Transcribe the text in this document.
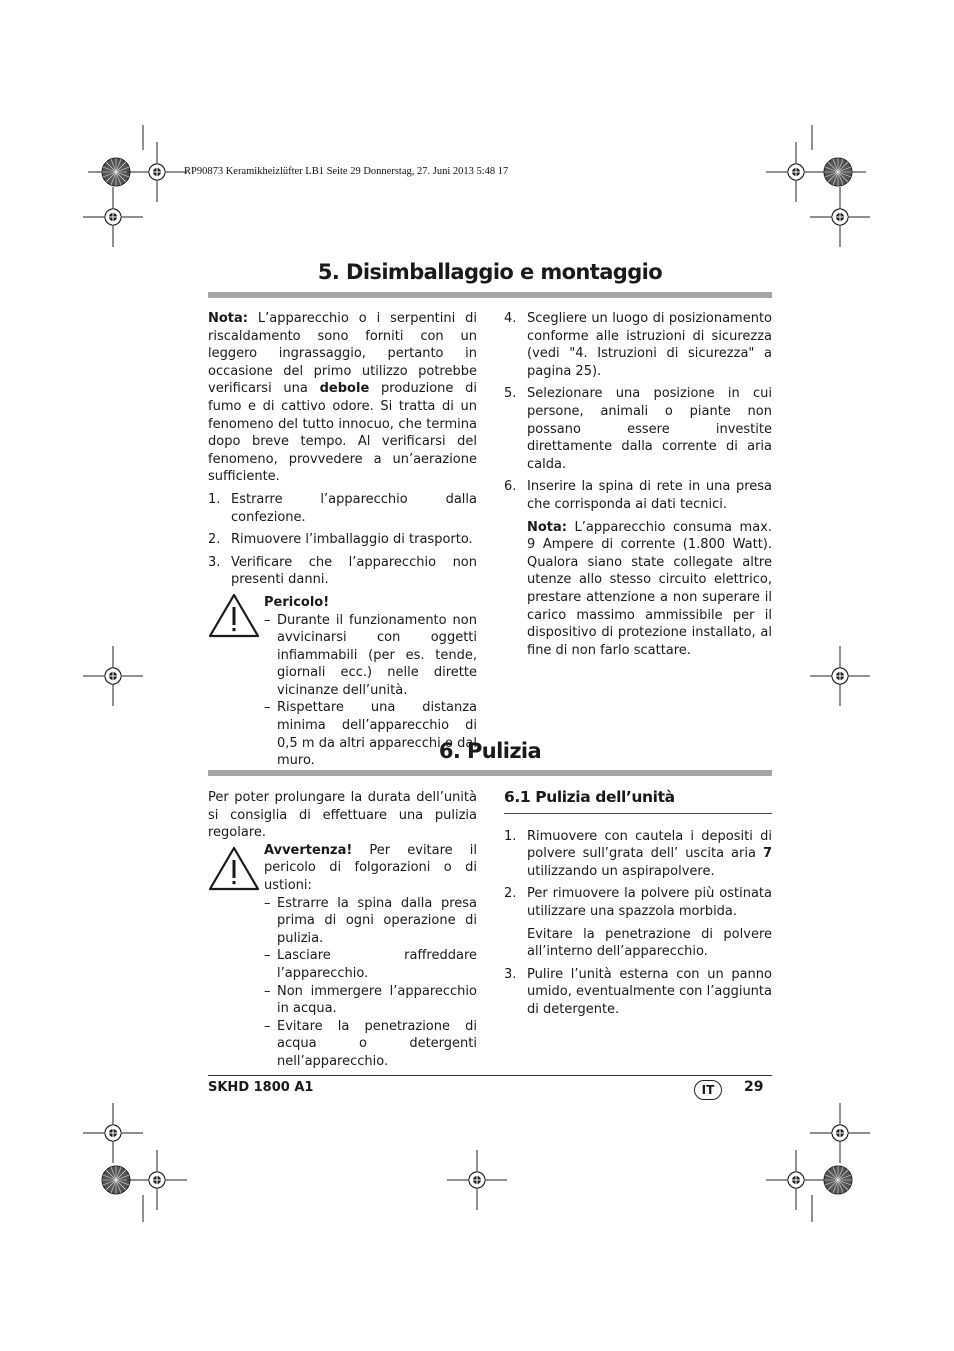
RP90873 Keramikheizlüfter LB1 Seite 29 Donnerstag, 27. Juni 2013 5:48 17
5. Disimballaggio e montaggio

Nota: L’apparecchio o i serpentini di riscaldamento sono forniti con un leggero ingrassaggio, pertanto in occasione del primo utilizzo potrebbe verificarsi una debole produzione di fumo e di cattivo odore. Si tratta di un fenomeno del tutto innocuo, che termina dopo breve tempo. Al verificarsi del fenomeno, provvedere a un’aerazione sufficiente.

1. Estrarre l’apparecchio dalla confezione.
2. Rimuovere l’imballaggio di trasporto.
3. Verificare che l’apparecchio non presenti danni.
Pericolo!
– Durante il funzionamento non avvicinarsi con oggetti infiammabili (per es. tende, giornali ecc.) nelle dirette vicinanze dell’unità.
– Rispettare una distanza minima dell’apparecchio di 0,5 m da altri apparecchi o dal muro.
4. Scegliere un luogo di posizionamento conforme alle istruzioni di sicurezza (vedi "4. Istruzioni di sicurezza" a pagina 25).
5. Selezionare una posizione in cui persone, animali o piante non possano essere investite direttamente dalla corrente di aria calda.
6. Inserire la spina di rete in una presa che corrisponda ai dati tecnici.

Nota: L’apparecchio consuma max. 9 Ampere di corrente (1.800 Watt). Qualora siano state collegate altre utenze allo stesso circuito elettrico, prestare attenzione a non superare il carico massimo ammissibile per il dispositivo di protezione installato, al fine di non farlo scattare.

6. Pulizia

Per poter prolungare la durata dell’unità si consiglia di effettuare una pulizia regolare.

Avvertenza! Per evitare il pericolo di folgorazioni o di ustioni:

– Estrarre la spina dalla presa prima di ogni operazione di pulizia.
– Lasciare raffreddare l’apparecchio.
– Non immergere l’apparecchio in acqua.
– Evitare la penetrazione di acqua o detergenti nell’apparecchio.
6.1 Pulizia dell’unità
1. Rimuovere con cautela i depositi di polvere sull’grata dell’ uscita aria 7 utilizzando un aspirapolvere.
2. Per rimuovere la polvere più ostinata utilizzare una spazzola morbida.
Evitare la penetrazione di polvere all’interno dell’apparecchio.
3. Pulire l’unità esterna con un panno umido, eventualmente con l’aggiunta di detergente.
SKHD 1800 A1	IT	29
